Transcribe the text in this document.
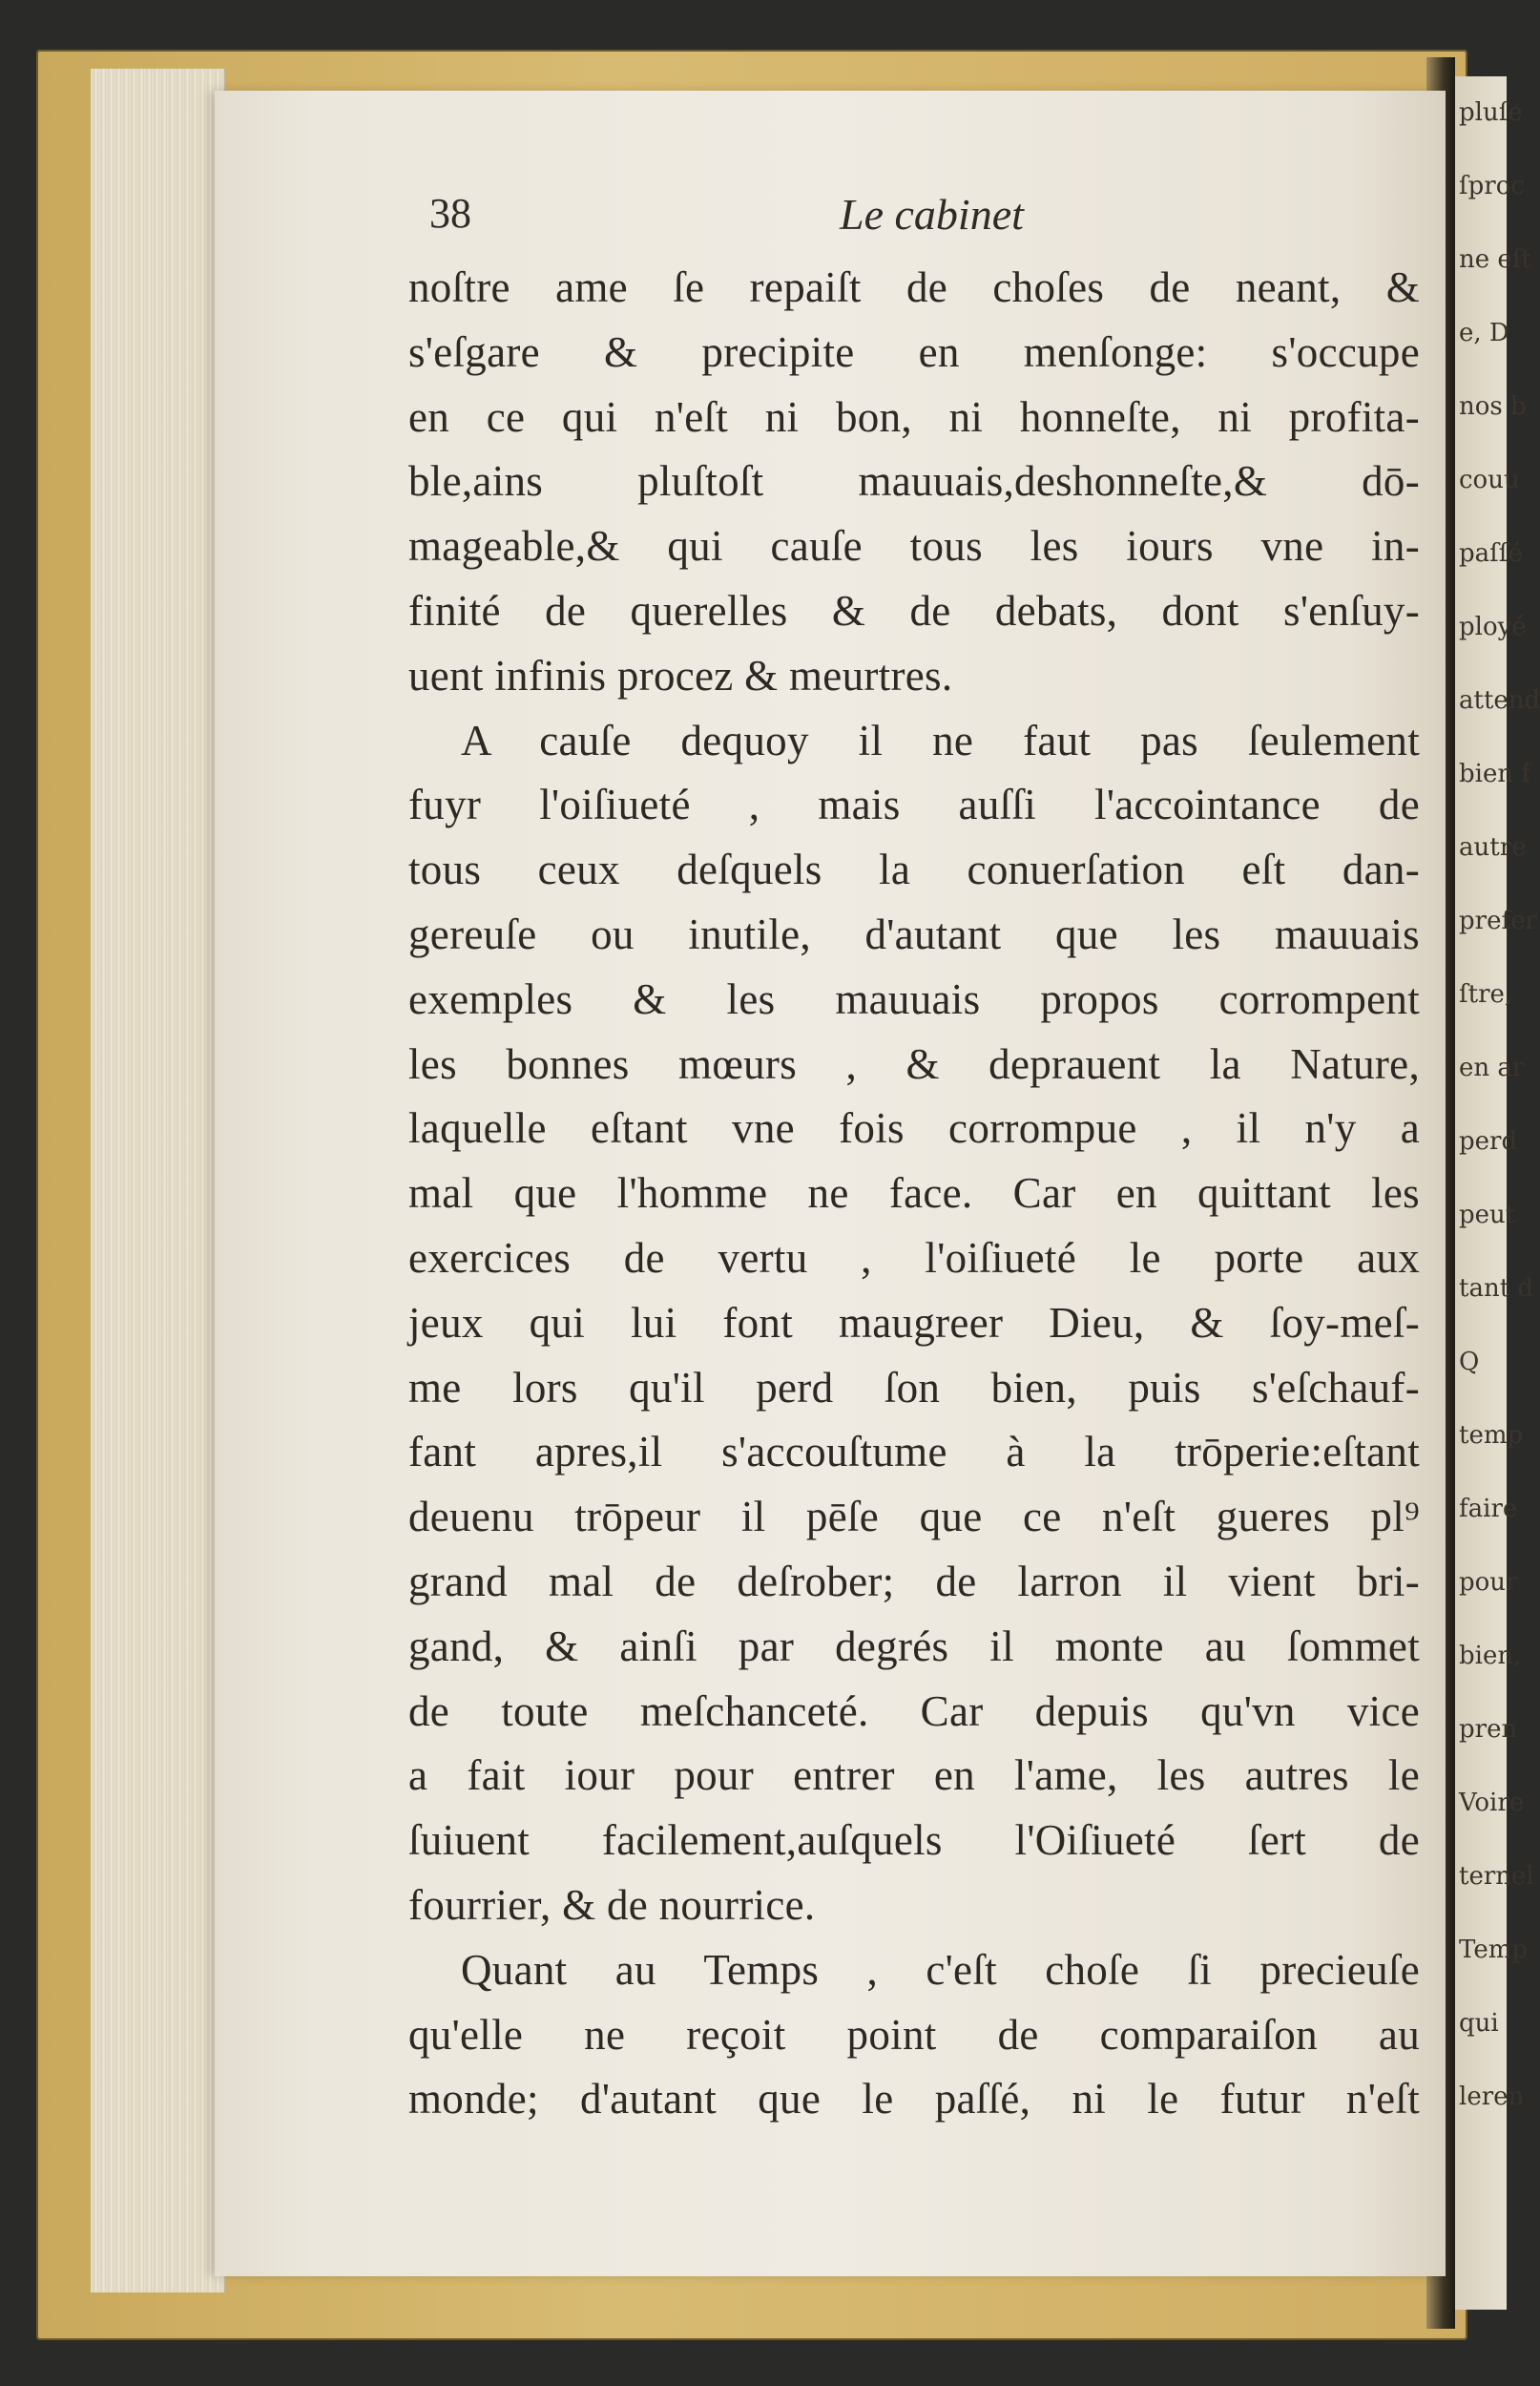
pluſe
ſproc
ne eſt
e, D
nos b
couu
paſſé
ployé
attend
bien f
autre
prefer
ſtre,
en ar
perd
peut
tant d
Q
temp
faire
pour
bien,
pren
Voire
ternel
Temp
qui
leren
38	Le cabinet
noſtre ame ſe repaiſt de choſes de neant, &
s'eſgare & precipite en menſonge: s'occupe
en ce qui n'eſt ni bon, ni honneſte, ni profita-
ble,ains pluſtoſt mauuais,deshonneſte,& dō-
mageable,& qui cauſe tous les iours vne in-
finité de querelles & de debats, dont s'enſuy-
uent infinis procez & meurtres.
A cauſe dequoy il ne faut pas ſeulement
fuyr l'oiſiueté , mais auſſi l'accointance de
tous ceux deſquels la conuerſation eſt dan-
gereuſe ou inutile, d'autant que les mauuais
exemples & les mauuais propos corrompent
les bonnes mœurs , & deprauent la Nature,
laquelle eſtant vne fois corrompue , il n'y a
mal que l'homme ne face. Car en quittant les
exercices de vertu , l'oiſiueté le porte aux
jeux qui lui font maugreer Dieu, & ſoy-meſ-
me lors qu'il perd ſon bien, puis s'eſchauf-
fant apres,il s'accouſtume à la trōperie:eſtant
deuenu trōpeur il pēſe que ce n'eſt gueres pl⁹
grand mal de deſrober; de larron il vient bri-
gand, & ainſi par degrés il monte au ſommet
de toute meſchanceté. Car depuis qu'vn vice
a fait iour pour entrer en l'ame, les autres le
ſuiuent facilement,auſquels l'Oiſiueté ſert de
fourrier, & de nourrice.
Quant au Temps , c'eſt choſe ſi precieuſe
qu'elle ne reçoit point de comparaiſon au
monde; d'autant que le paſſé, ni le futur n'eſt
